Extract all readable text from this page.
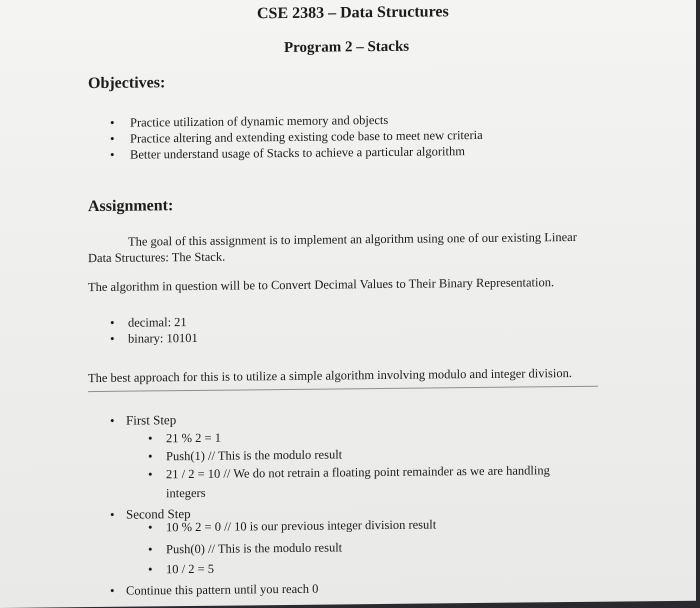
CSE 2383 – Data Structures
Program 2 – Stacks
Objectives:
• Practice utilization of dynamic memory and objects
• Practice altering and extending existing code base to meet new criteria
• Better understand usage of Stacks to achieve a particular algorithm
Assignment:
The goal of this assignment is to implement an algorithm using one of our existing Linear
Data Structures: The Stack.
The algorithm in question will be to Convert Decimal Values to Their Binary Representation.
• decimal: 21
• binary: 10101
The best approach for this is to utilize a simple algorithm involving modulo and integer division.
• First Step
• 21 % 2 = 1
• Push(1) // This is the modulo result
• 21 / 2 = 10 // We do not retrain a floating point remainder as we are handling
integers
• Second Step
• 10 % 2 = 0 // 10 is our previous integer division result
• Push(0) // This is the modulo result
• 10 / 2 = 5
• Continue this pattern until you reach 0
